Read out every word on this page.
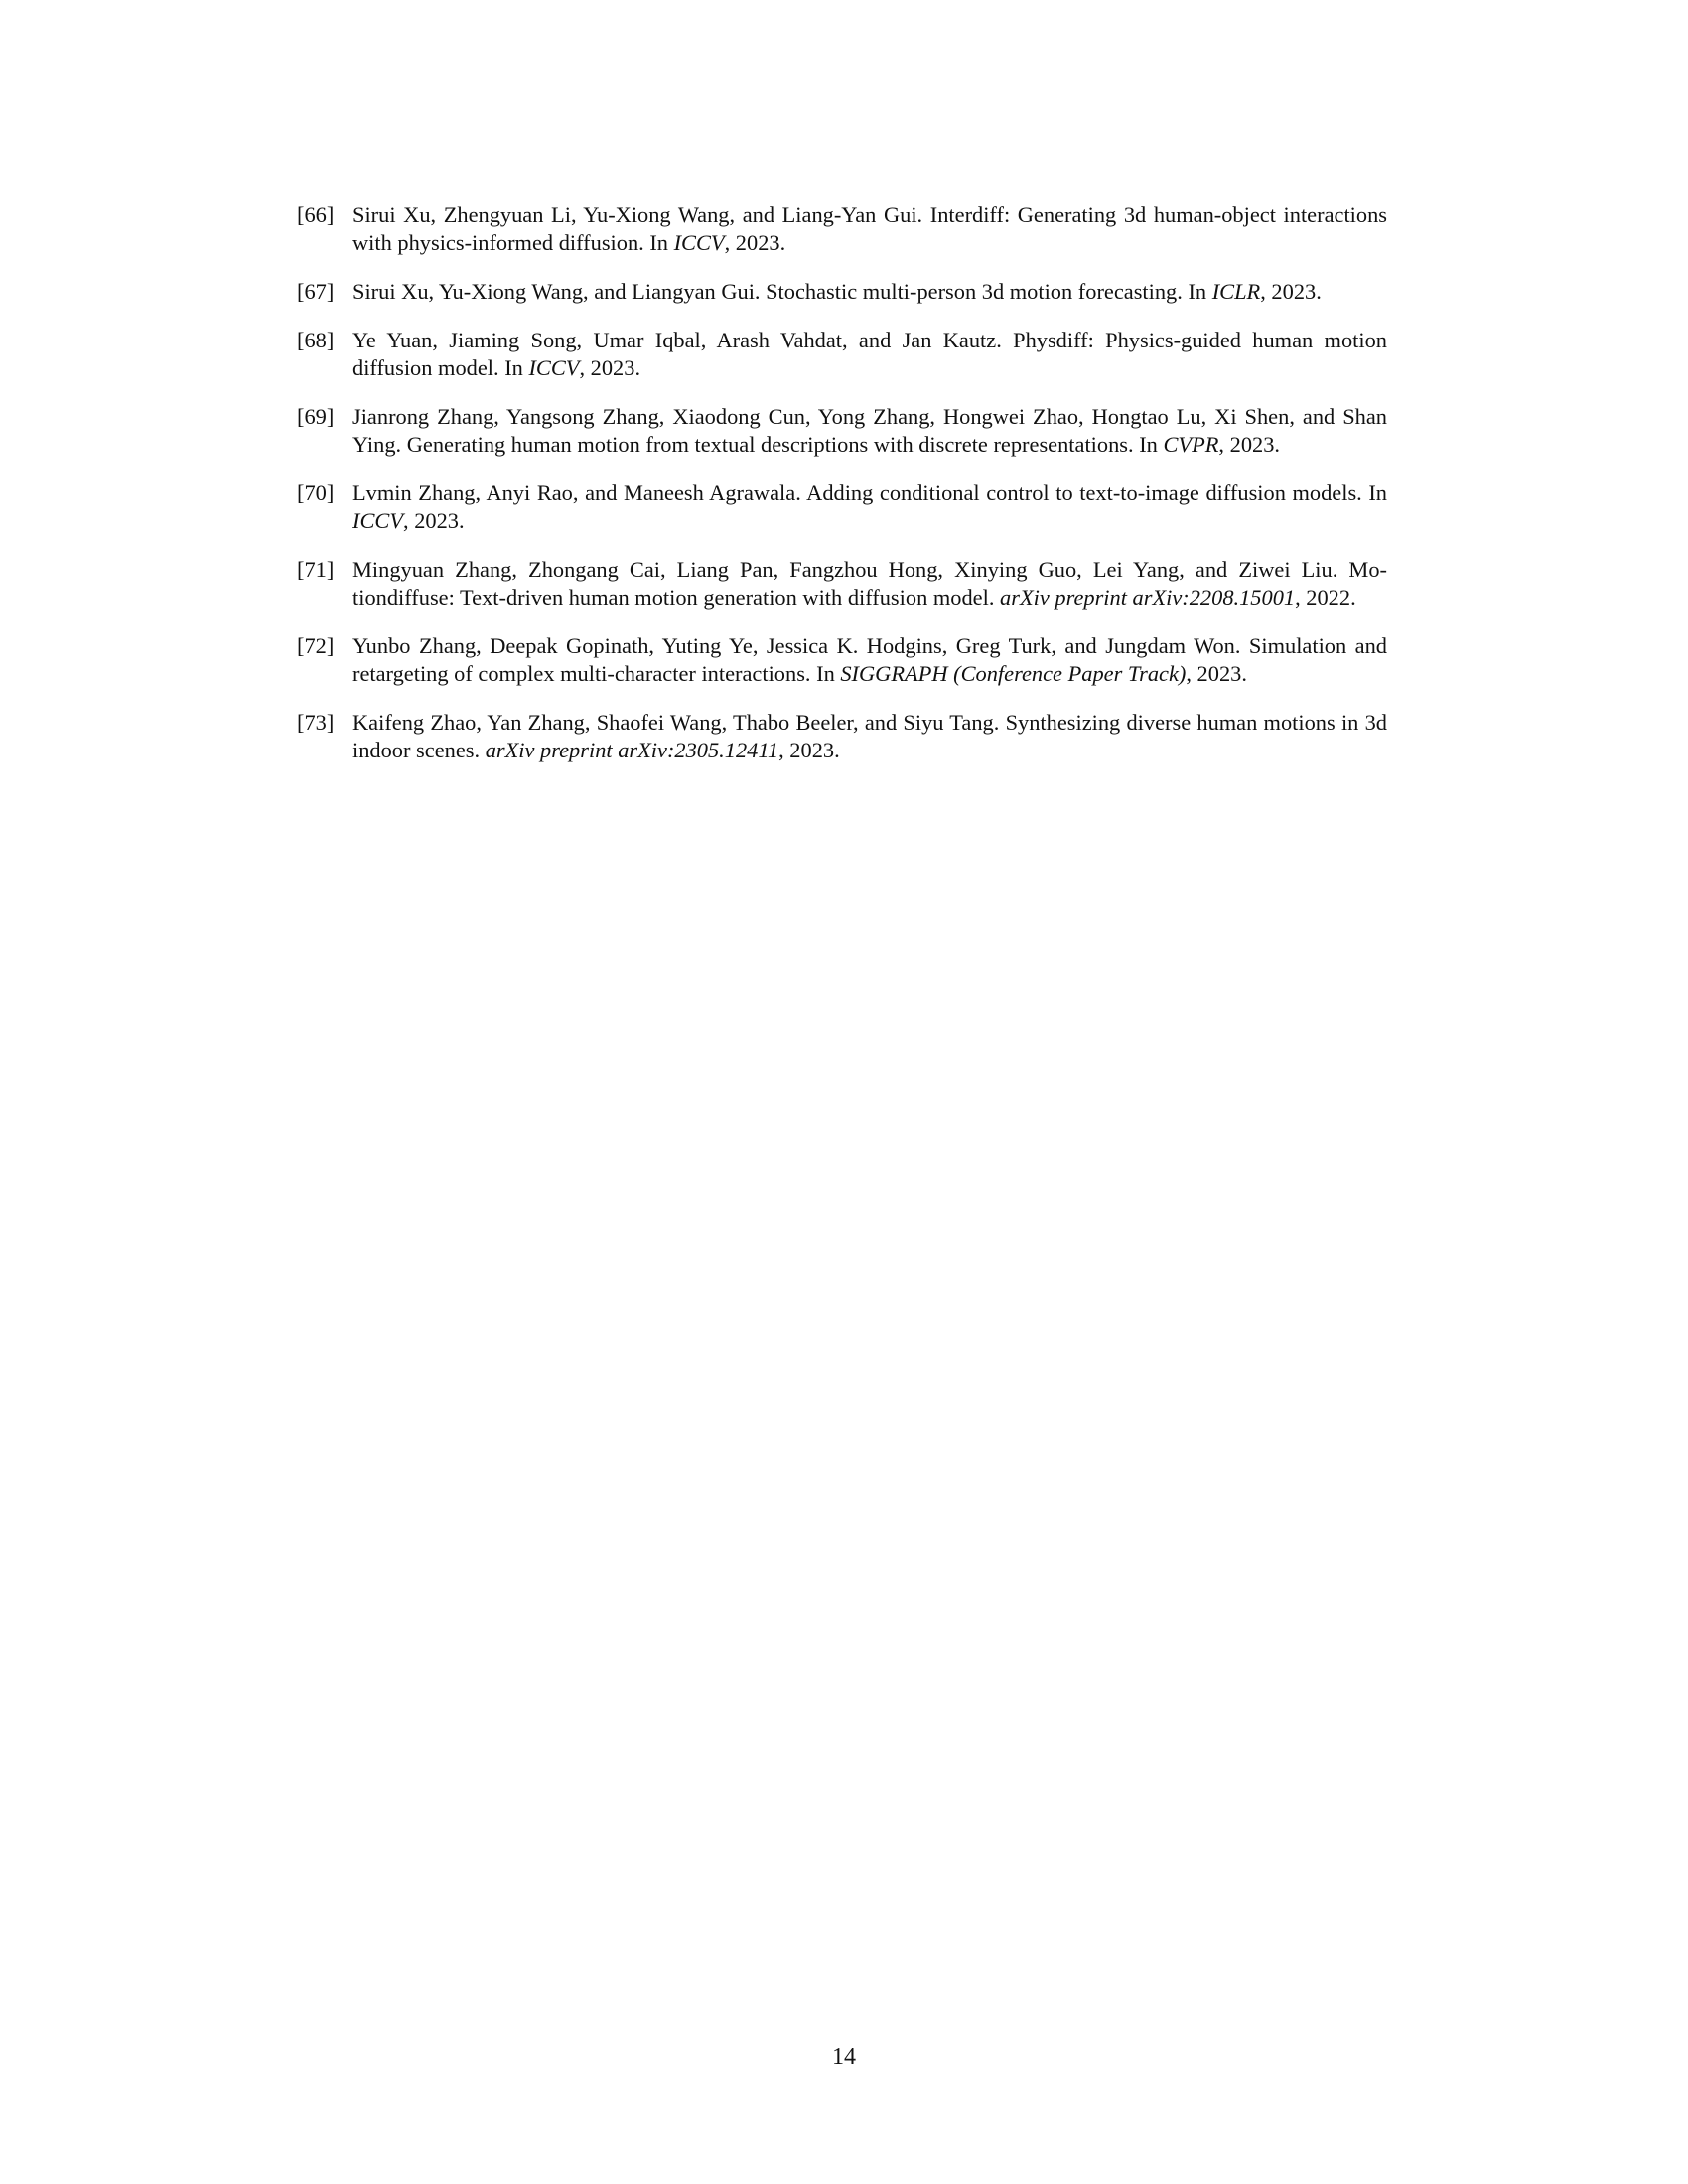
[66] Sirui Xu, Zhengyuan Li, Yu-Xiong Wang, and Liang-Yan Gui. Interdiff: Generating 3d human-object interactions with physics-informed diffusion. In ICCV, 2023.
[67] Sirui Xu, Yu-Xiong Wang, and Liangyan Gui. Stochastic multi-person 3d motion forecasting. In ICLR, 2023.
[68] Ye Yuan, Jiaming Song, Umar Iqbal, Arash Vahdat, and Jan Kautz. Physdiff: Physics-guided human motion diffusion model. In ICCV, 2023.
[69] Jianrong Zhang, Yangsong Zhang, Xiaodong Cun, Yong Zhang, Hongwei Zhao, Hongtao Lu, Xi Shen, and Shan Ying. Generating human motion from textual descriptions with discrete representations. In CVPR, 2023.
[70] Lvmin Zhang, Anyi Rao, and Maneesh Agrawala. Adding conditional control to text-to-image diffusion models. In ICCV, 2023.
[71] Mingyuan Zhang, Zhongang Cai, Liang Pan, Fangzhou Hong, Xinying Guo, Lei Yang, and Ziwei Liu. Motiondiffuse: Text-driven human motion generation with diffusion model. arXiv preprint arXiv:2208.15001, 2022.
[72] Yunbo Zhang, Deepak Gopinath, Yuting Ye, Jessica K. Hodgins, Greg Turk, and Jungdam Won. Simulation and retargeting of complex multi-character interactions. In SIGGRAPH (Conference Paper Track), 2023.
[73] Kaifeng Zhao, Yan Zhang, Shaofei Wang, Thabo Beeler, and Siyu Tang. Synthesizing diverse human motions in 3d indoor scenes. arXiv preprint arXiv:2305.12411, 2023.
14
